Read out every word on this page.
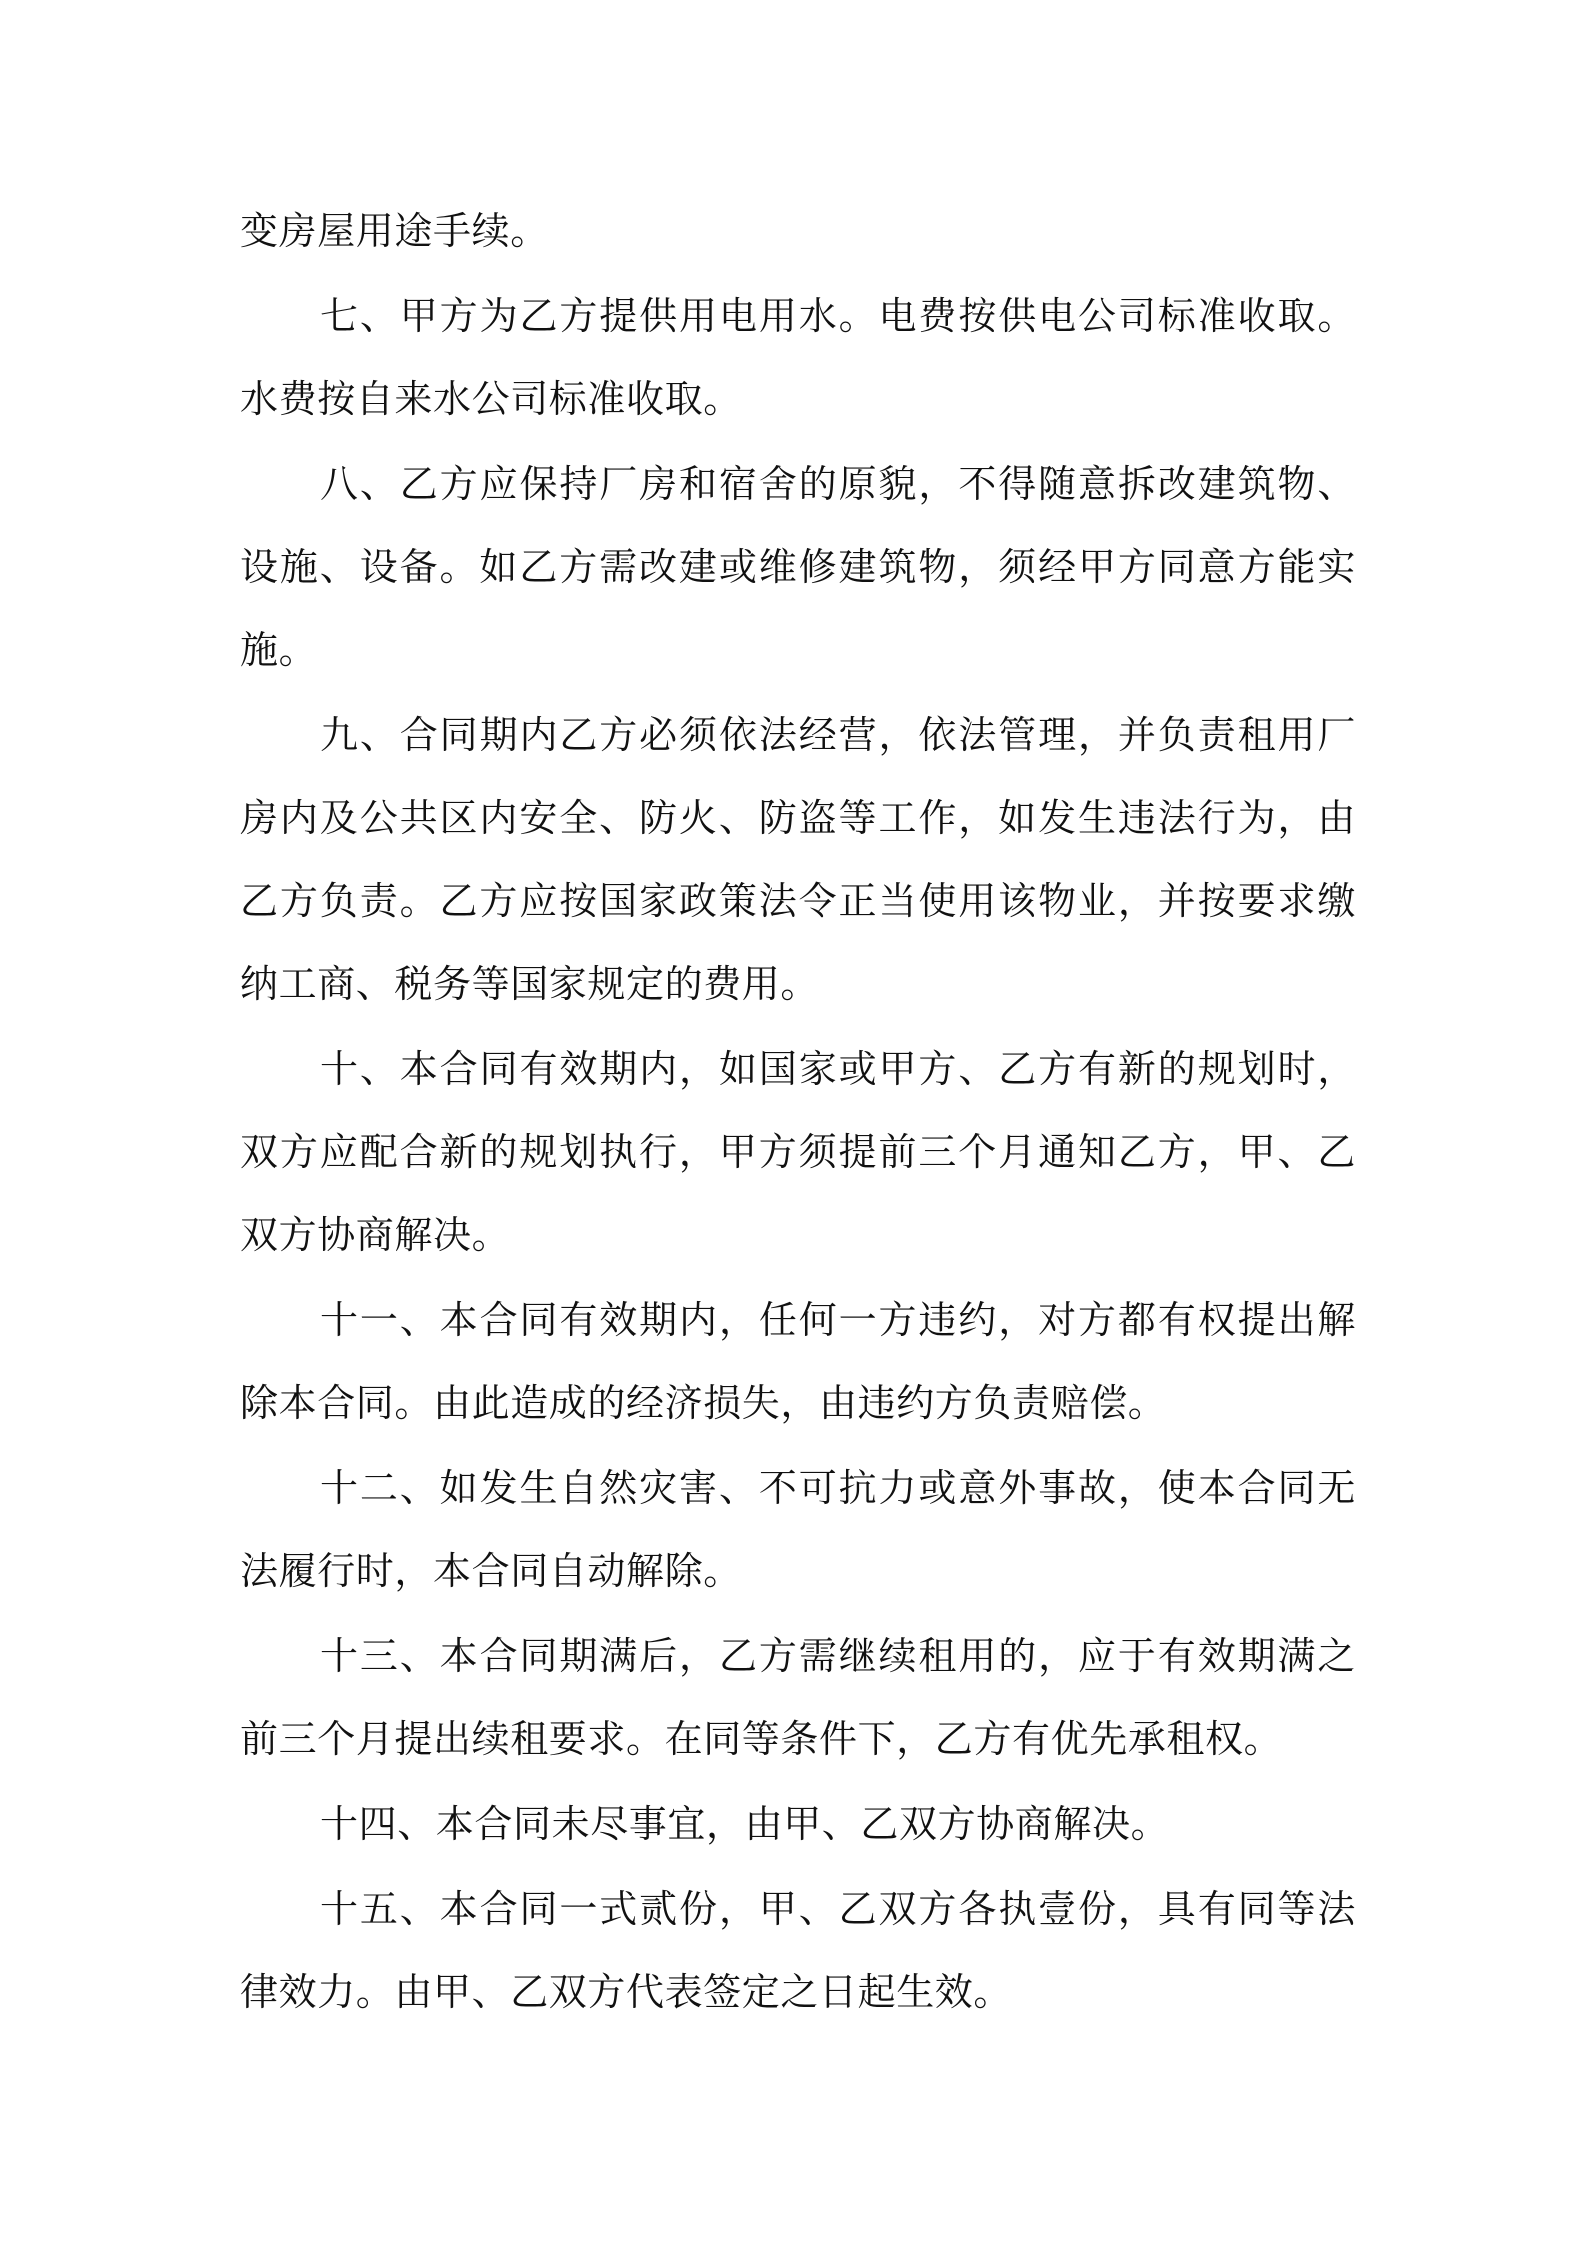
变房屋用途手续。

七、甲方为乙方提供用电用水。电费按供电公司标准收取。水费按自来水公司标准收取。

八、乙方应保持厂房和宿舍的原貌，不得随意拆改建筑物、设施、设备。如乙方需改建或维修建筑物，须经甲方同意方能实施。

九、合同期内乙方必须依法经营，依法管理，并负责租用厂房内及公共区内安全、防火、防盗等工作，如发生违法行为，由乙方负责。乙方应按国家政策法令正当使用该物业，并按要求缴纳工商、税务等国家规定的费用。

十、本合同有效期内，如国家或甲方、乙方有新的规划时，双方应配合新的规划执行，甲方须提前三个月通知乙方，甲、乙双方协商解决。

十一、本合同有效期内，任何一方违约，对方都有权提出解除本合同。由此造成的经济损失，由违约方负责赔偿。

十二、如发生自然灾害、不可抗力或意外事故，使本合同无法履行时，本合同自动解除。

十三、本合同期满后，乙方需继续租用的，应于有效期满之前三个月提出续租要求。在同等条件下，乙方有优先承租权。

十四、本合同未尽事宜，由甲、乙双方协商解决。

十五、本合同一式贰份，甲、乙双方各执壹份，具有同等法律效力。由甲、乙双方代表签定之日起生效。
